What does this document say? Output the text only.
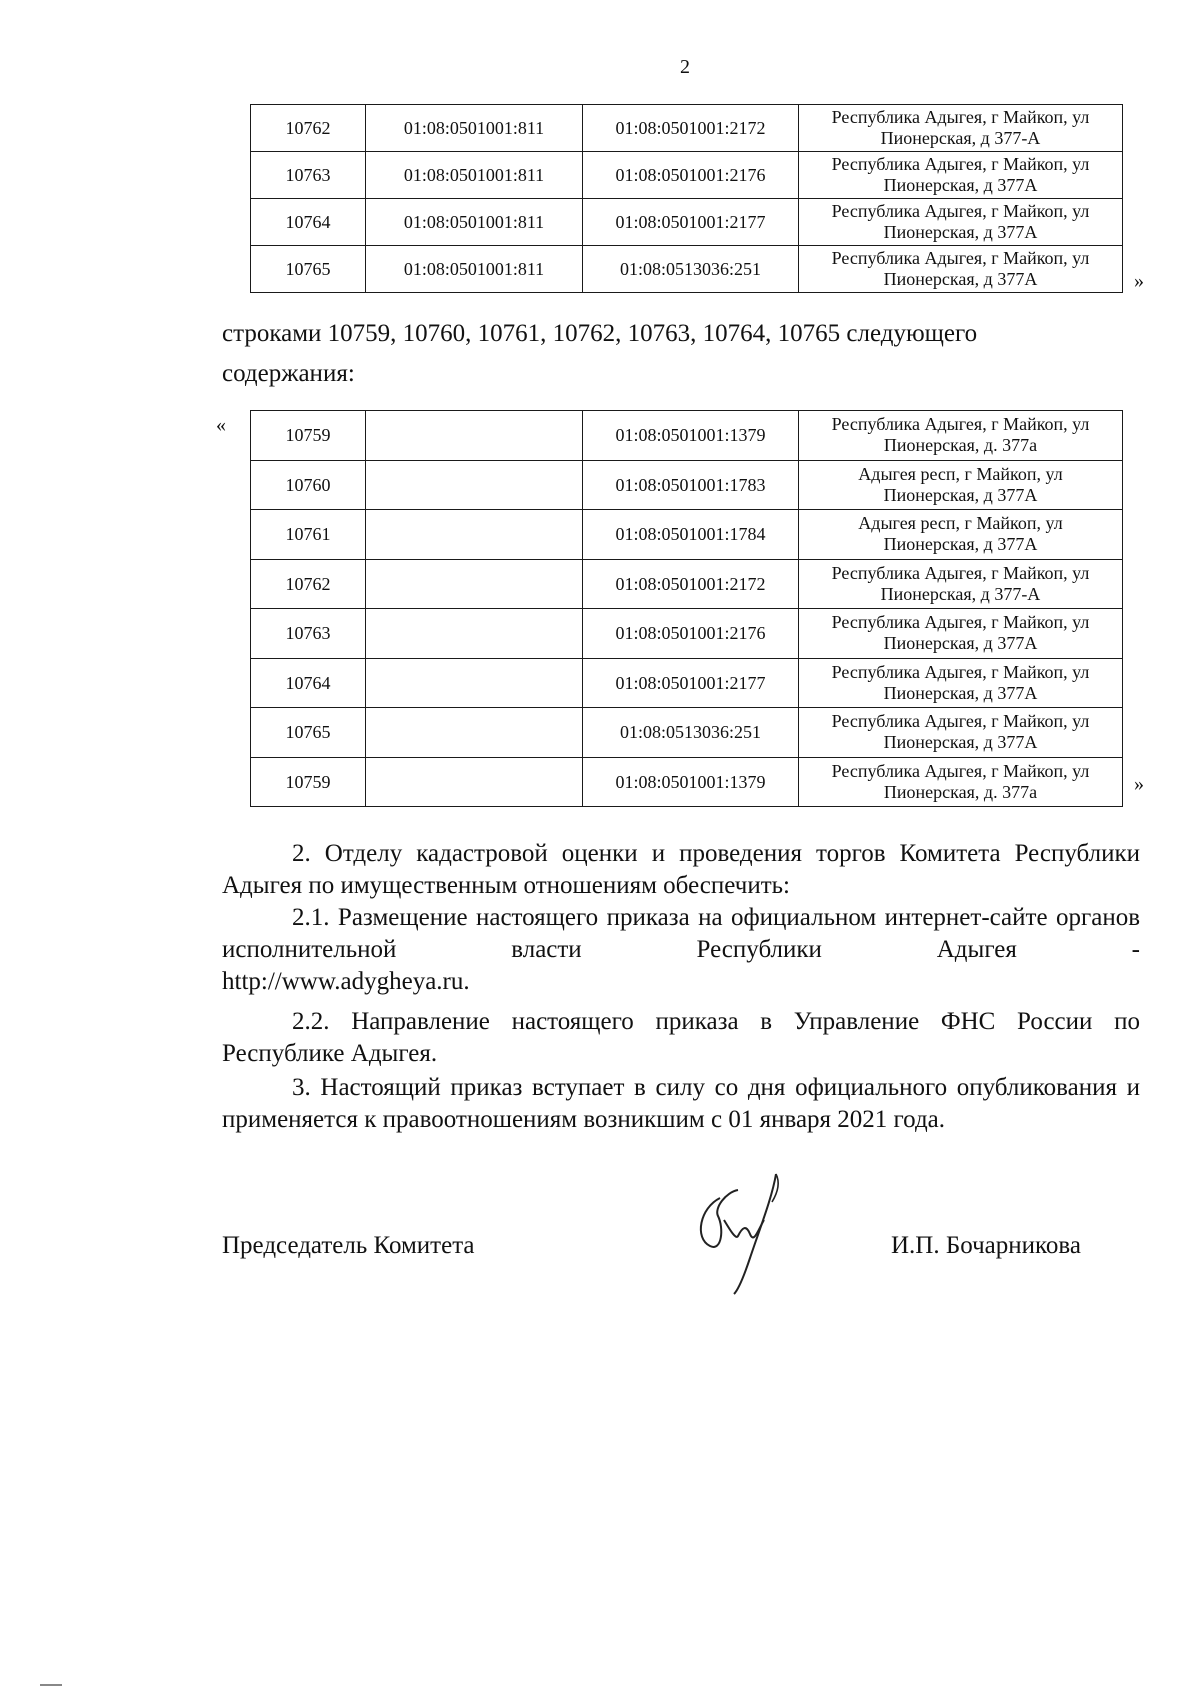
2
10762	01:08:0501001:811	01:08:0501001:2172	Республика Адыгея, г Майкоп, ул
Пионерская, д 377-А

10763	01:08:0501001:811	01:08:0501001:2176	Республика Адыгея, г Майкоп, ул
Пионерская, д 377А

10764	01:08:0501001:811	01:08:0501001:2177	Республика Адыгея, г Майкоп, ул
Пионерская, д 377А

10765	01:08:0501001:811	01:08:0513036:251	Республика Адыгея, г Майкоп, ул
Пионерская, д 377А	»
строками 10759, 10760, 10761, 10762, 10763, 10764, 10765 следующего
содержания:
«	10759		01:08:0501001:1379	Республика Адыгея, г Майкоп, ул
Пионерская, д. 377а

10760		01:08:0501001:1783	Адыгея респ, г Майкоп, ул
Пионерская, д 377А

10761		01:08:0501001:1784	Адыгея респ, г Майкоп, ул
Пионерская, д 377А

10762		01:08:0501001:2172	Республика Адыгея, г Майкоп, ул
Пионерская, д 377-А

10763		01:08:0501001:2176	Республика Адыгея, г Майкоп, ул
Пионерская, д 377А

10764		01:08:0501001:2177	Республика Адыгея, г Майкоп, ул
Пионерская, д 377А

10765		01:08:0513036:251	Республика Адыгея, г Майкоп, ул
Пионерская, д 377А

10759		01:08:0501001:1379	Республика Адыгея, г Майкоп, ул
Пионерская, д. 377а	»

2. Отделу кадастровой оценки и проведения торгов Комитета Республики Адыгея по имущественным отношениям обеспечить:

2.1. Размещение настоящего приказа на официальном интернет-сайте органов исполнительной власти Республики Адыгея -

http://www.adygheya.ru.

2.2. Направление настоящего приказа в Управление ФНС России по Республике Адыгея.

3. Настоящий приказ вступает в силу со дня официального опубликования и применяется к правоотношениям возникшим с 01 января 2021 года.

Председатель Комитета	И.П. Бочарникова
